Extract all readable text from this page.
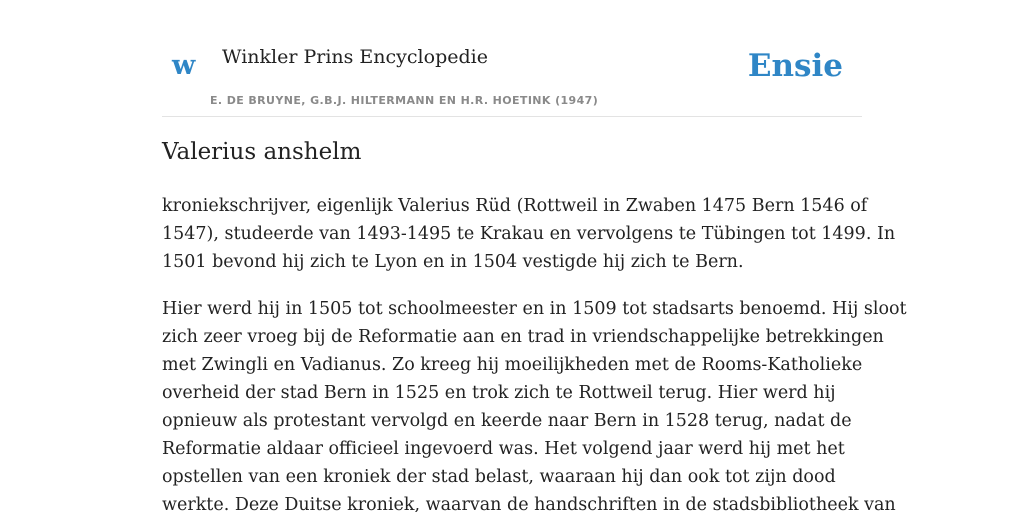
w Winkler Prins Encyclopedie
E. DE BRUYNE, G.B.J. HILTERMANN EN H.R. HOETINK (1947)
Ensie
Valerius anshelm

kroniekschrijver, eigenlijk Valerius Rüd (Rottweil in Zwaben 1475 Bern 1546 of
1547), studeerde van 1493-1495 te Krakau en vervolgens te Tübingen tot 1499. In
1501 bevond hij zich te Lyon en in 1504 vestigde hij zich te Bern.

Hier werd hij in 1505 tot schoolmeester en in 1509 tot stadsarts benoemd. Hij sloot
zich zeer vroeg bij de Reformatie aan en trad in vriendschappelijke betrekkingen
met Zwingli en Vadianus. Zo kreeg hij moeilijkheden met de Rooms-Katholieke
overheid der stad Bern in 1525 en trok zich te Rottweil terug. Hier werd hij
opnieuw als protestant vervolgd en keerde naar Bern in 1528 terug, nadat de
Reformatie aldaar officieel ingevoerd was. Het volgend jaar werd hij met het
opstellen van een kroniek der stad belast, waaraan hij dan ook tot zijn dood
werkte. Deze Duitse kroniek, waarvan de handschriften in de stadsbibliotheek van
